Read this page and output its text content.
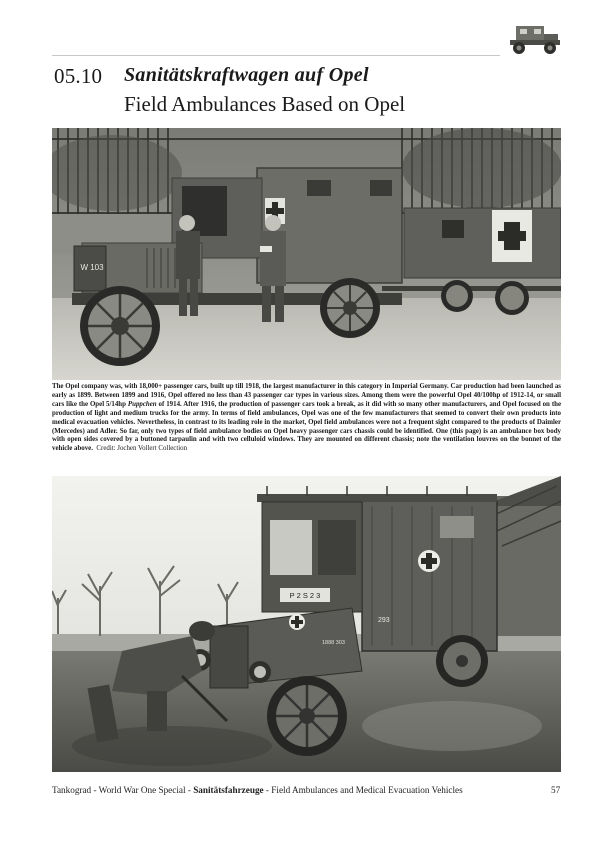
05.10 Sanitätskraftwagen auf Opel
Field Ambulances Based on Opel
W 103
The Opel company was, with 18,000+ passenger cars, built up till 1918, the largest manufacturer in this category in Imperial Germany. Car production had been launched as early as 1899. Between 1899 and 1916, Opel offered no less than 43 passenger car types in various sizes. Among them were the powerful Opel 40/100hp of 1912-14, or small cars like the Opel 5/14hp Puppchen of 1914. After 1916, the production of passenger cars took a break, as it did with so many other manufacturers, and Opel focused on the production of light and medium trucks for the army. In terms of field ambulances, Opel was one of the few manufacturers that seemed to convert their own products into medical evacuation vehicles. Nevertheless, in contrast to its leading role in the market, Opel field ambulances were not a frequent sight compared to the products of Daimler (Mercedes) and Adler. So far, only two types of field ambulance bodies on Opel heavy passenger cars chassis could be identified. One (this page) is an ambulance box body with open sides covered by a buttoned tarpaulin and with two celluloid windows. They are mounted on different chassis; note the ventilation louvres on the bonnet of the vehicle above. Credit: Jochen Vollert Collection
P 2 S 2 3
293
1888 303
Tankograd - World War One Special - Sanitätsfahrzeuge - Field Ambulances and Medical Evacuation Vehicles	57
